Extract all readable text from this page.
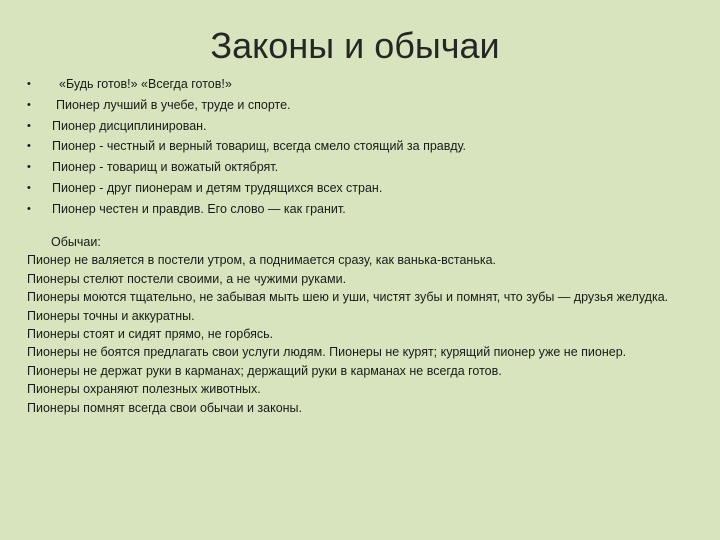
Законы и обычаи
•	«Будь готов!» «Всегда готов!»
•	Пионер лучший в учебе, труде и спорте.
•	Пионер дисциплинирован.
•	Пионер - честный и верный товарищ, всегда смело стоящий за правду.
•	Пионер - товарищ и вожатый октябрят.
•	Пионер - друг пионерам и детям трудящихся всех стран.
•	Пионер честен и правдив. Его слово — как гранит.

Обычаи:

Пионер не валяется в постели утром, а поднимается сразу, как ванька-встанька.

Пионеры стелют постели своими, а не чужими руками.

Пионеры моются тщательно, не забывая мыть шею и уши, чистят зубы и помнят, что зубы — друзья желудка.

Пионеры точны и аккуратны.

Пионеры стоят и сидят прямо, не горбясь.

Пионеры не боятся предлагать свои услуги людям. Пионеры не курят; курящий пионер уже не пионер.

Пионеры не держат руки в карманах; держащий руки в карманах не всегда готов.

Пионеры охраняют полезных животных.

Пионеры помнят всегда свои обычаи и законы.
